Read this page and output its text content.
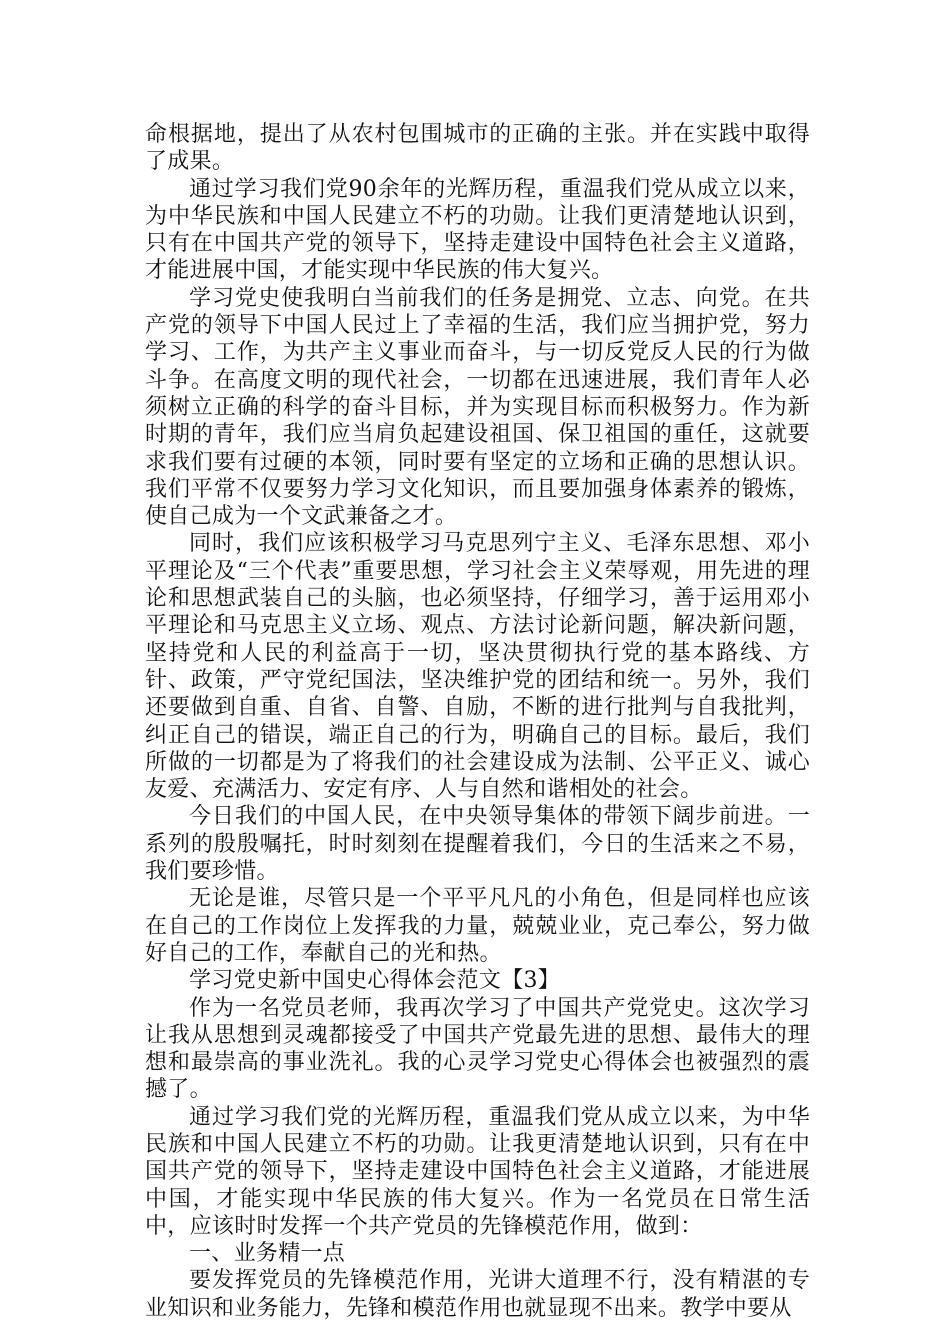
命根据地，提出了从农村包围城市的正确的主张。并在实践中取得了成果。

通过学习我们党90余年的光辉历程，重温我们党从成立以来，为中华民族和中国人民建立不朽的功勋。让我们更清楚地认识到，只有在中国共产党的领导下，坚持走建设中国特色社会主义道路，才能进展中国，才能实现中华民族的伟大复兴。

学习党史使我明白当前我们的任务是拥党、立志、向党。在共产党的领导下中国人民过上了幸福的生活，我们应当拥护党，努力学习、工作，为共产主义事业而奋斗，与一切反党反人民的行为做斗争。在高度文明的现代社会，一切都在迅速进展，我们青年人必须树立正确的科学的奋斗目标，并为实现目标而积极努力。作为新时期的青年，我们应当肩负起建设祖国、保卫祖国的重任，这就要求我们要有过硬的本领，同时要有坚定的立场和正确的思想认识。我们平常不仅要努力学习文化知识，而且要加强身体素养的锻炼，使自己成为一个文武兼备之才。

同时，我们应该积极学习马克思列宁主义、毛泽东思想、邓小平理论及“三个代表”重要思想，学习社会主义荣辱观，用先进的理论和思想武装自己的头脑，也必须坚持，仔细学习，善于运用邓小平理论和马克思主义立场、观点、方法讨论新问题，解决新问题，坚持党和人民的利益高于一切，坚决贯彻执行党的基本路线、方针、政策，严守党纪国法，坚决维护党的团结和统一。另外，我们还要做到自重、自省、自警、自励，不断的进行批判与自我批判，纠正自己的错误，端正自己的行为，明确自己的目标。最后，我们所做的一切都是为了将我们的社会建设成为法制、公平正义、诚心友爱、充满活力、安定有序、人与自然和谐相处的社会。

今日我们的中国人民，在中央领导集体的带领下阔步前进。一系列的殷殷嘱托，时时刻刻在提醒着我们，今日的生活来之不易，我们要珍惜。

无论是谁，尽管只是一个平平凡凡的小角色，但是同样也应该在自己的工作岗位上发挥我的力量，兢兢业业，克己奉公，努力做好自己的工作，奉献自己的光和热。

学习党史新中国史心得体会范文【3】

作为一名党员老师，我再次学习了中国共产党党史。这次学习让我从思想到灵魂都接受了中国共产党最先进的思想、最伟大的理想和最崇高的事业洗礼。我的心灵学习党史心得体会也被强烈的震撼了。

通过学习我们党的光辉历程，重温我们党从成立以来，为中华民族和中国人民建立不朽的功勋。让我更清楚地认识到，只有在中国共产党的领导下，坚持走建设中国特色社会主义道路，才能进展中国，才能实现中华民族的伟大复兴。作为一名党员在日常生活中，应该时时发挥一个共产党员的先锋模范作用，做到：

一、业务精一点

要发挥党员的先锋模范作用，光讲大道理不行，没有精湛的专业知识和业务能力，先锋和模范作用也就显现不出来。教学中要从
